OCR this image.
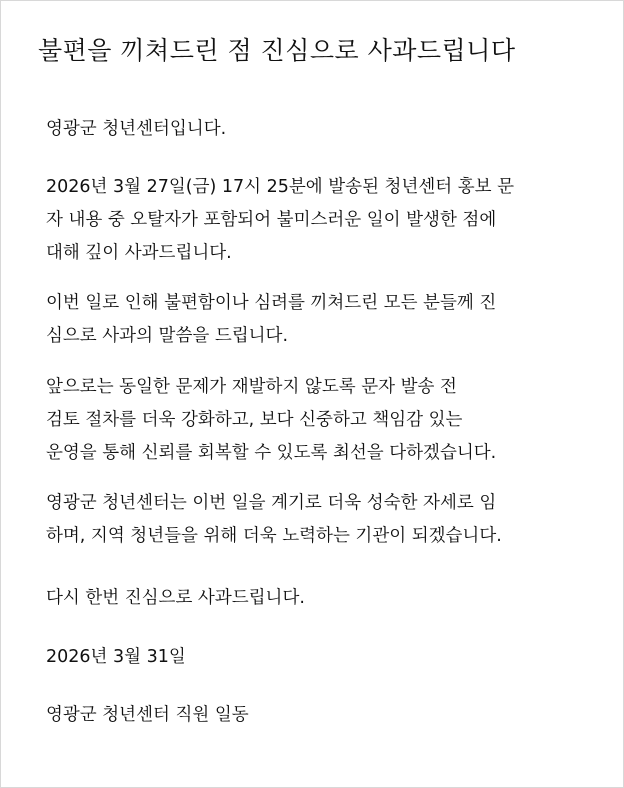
불편을 끼쳐드린 점 진심으로 사과드립니다

영광군 청년센터입니다.

2026년 3월 27일(금) 17시 25분에 발송된 청년센터 홍보 문
자 내용 중 오탈자가 포함되어 불미스러운 일이 발생한 점에
대해 깊이 사과드립니다.

이번 일로 인해 불편함이나 심려를 끼쳐드린 모든 분들께 진
심으로 사과의 말씀을 드립니다.

앞으로는 동일한 문제가 재발하지 않도록 문자 발송 전
검토 절차를 더욱 강화하고, 보다 신중하고 책임감 있는
운영을 통해 신뢰를 회복할 수 있도록 최선을 다하겠습니다.

영광군 청년센터는 이번 일을 계기로 더욱 성숙한 자세로 임
하며, 지역 청년들을 위해 더욱 노력하는 기관이 되겠습니다.

다시 한번 진심으로 사과드립니다.

2026년 3월 31일

영광군 청년센터 직원 일동
